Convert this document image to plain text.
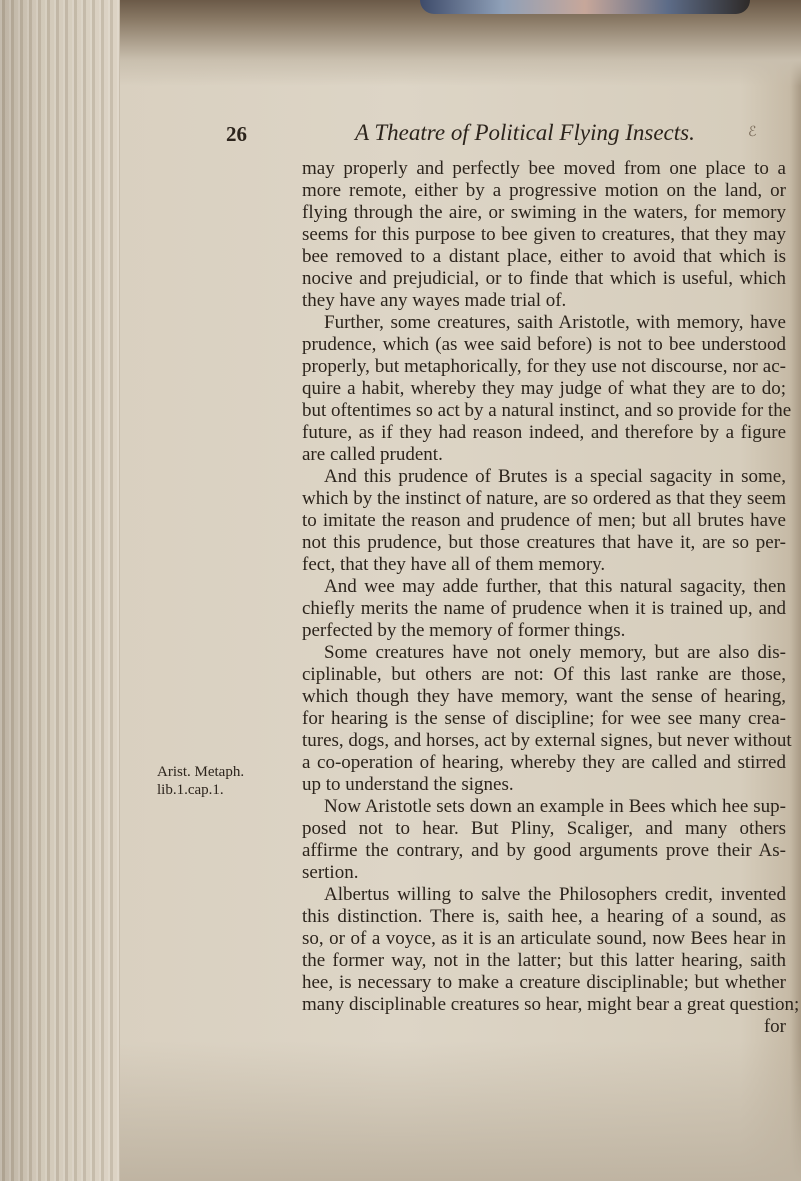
26	A Theatre of Political Flying Insects.	ℰ
Arist. Metaph.
lib.1.cap.1.
may properly and perfectly bee moved from one place to a
more remote, either by a progressive motion on the land, or
flying through the aire, or swiming in the waters, for memory
seems for this purpose to bee given to creatures, that they may
bee removed to a distant place, either to avoid that which is
nocive and prejudicial, or to finde that which is useful, which
they have any wayes made trial of.
Further, some creatures, saith Aristotle, with memory, have
prudence, which (as wee said before) is not to bee understood
properly, but metaphorically, for they use not discourse, nor ac-
quire a habit, whereby they may judge of what they are to do;
but oftentimes so act by a natural instinct, and so provide for the
future, as if they had reason indeed, and therefore by a figure
are called prudent.
And this prudence of Brutes is a special sagacity in some,
which by the instinct of nature, are so ordered as that they seem
to imitate the reason and prudence of men; but all brutes have
not this prudence, but those creatures that have it, are so per-
fect, that they have all of them memory.
And wee may adde further, that this natural sagacity, then
chiefly merits the name of prudence when it is trained up, and
perfected by the memory of former things.
Some creatures have not onely memory, but are also dis-
ciplinable, but others are not: Of this last ranke are those,
which though they have memory, want the sense of hearing,
for hearing is the sense of discipline; for wee see many crea-
tures, dogs, and horses, act by external signes, but never without
a co-operation of hearing, whereby they are called and stirred
up to understand the signes.
Now Aristotle sets down an example in Bees which hee sup-
posed not to hear. But Pliny, Scaliger, and many others
affirme the contrary, and by good arguments prove their As-
sertion.
Albertus willing to salve the Philosophers credit, invented
this distinction. There is, saith hee, a hearing of a sound, as
so, or of a voyce, as it is an articulate sound, now Bees hear in
the former way, not in the latter; but this latter hearing, saith
hee, is necessary to make a creature disciplinable; but whether
many disciplinable creatures so hear, might bear a great question;
for
